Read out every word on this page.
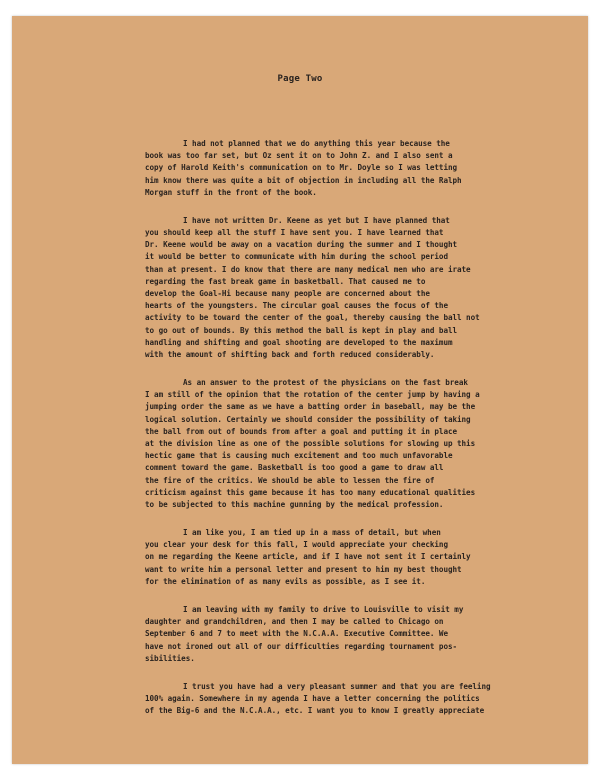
Page Two
I had not planned that we do anything this year because the
book was too far set, but Oz sent it on to John Z. and I also sent a
copy of Harold Keith's communication on to Mr. Doyle so I was letting
him know there was quite a bit of objection in including all the Ralph
Morgan stuff in the front of the book.
I have not written Dr. Keene as yet but I have planned that
you should keep all the stuff I have sent you. I have learned that
Dr. Keene would be away on a vacation during the summer and I thought
it would be better to communicate with him during the school period
than at present. I do know that there are many medical men who are irate
regarding the fast break game in basketball. That caused me to
develop the Goal-Hi because many people are concerned about the
hearts of the youngsters. The circular goal causes the focus of the
activity to be toward the center of the goal, thereby causing the ball not
to go out of bounds. By this method the ball is kept in play and ball
handling and shifting and goal shooting are developed to the maximum
with the amount of shifting back and forth reduced considerably.
As an answer to the protest of the physicians on the fast break
I am still of the opinion that the rotation of the center jump by having a
jumping order the same as we have a batting order in baseball, may be the
logical solution. Certainly we should consider the possibility of taking
the ball from out of bounds from after a goal and putting it in place
at the division line as one of the possible solutions for slowing up this
hectic game that is causing much excitement and too much unfavorable
comment toward the game. Basketball is too good a game to draw all
the fire of the critics. We should be able to lessen the fire of
criticism against this game because it has too many educational qualities
to be subjected to this machine gunning by the medical profession.
I am like you, I am tied up in a mass of detail, but when
you clear your desk for this fall, I would appreciate your checking
on me regarding the Keene article, and if I have not sent it I certainly
want to write him a personal letter and present to him my best thought
for the elimination of as many evils as possible, as I see it.
I am leaving with my family to drive to Louisville to visit my
daughter and grandchildren, and then I may be called to Chicago on
September 6 and 7 to meet with the N.C.A.A. Executive Committee. We
have not ironed out all of our difficulties regarding tournament pos-
sibilities.
I trust you have had a very pleasant summer and that you are feeling
100% again. Somewhere in my agenda I have a letter concerning the politics
of the Big-6 and the N.C.A.A., etc. I want you to know I greatly appreciate
